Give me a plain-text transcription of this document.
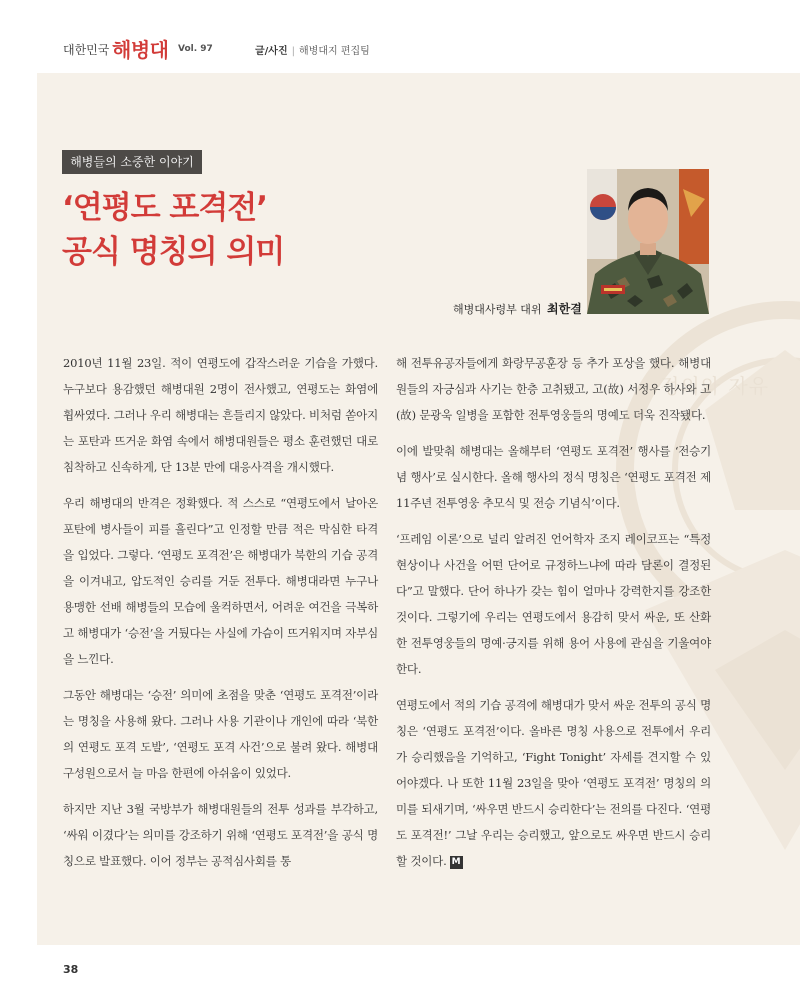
대한민국 해병대 Vol. 97	글/사진 | 해병대지 편집팀
정의와 자유
해병들의 소중한 이야기
‘연평도 포격전’
공식 명칭의 의미
해병대사령부 대위 최한결

2010년 11월 23일. 적이 연평도에 갑작스러운 기습을 가했다. 누구보다 용감했던 해병대원 2명이 전사했고, 연평도는 화염에 휩싸였다. 그러나 우리 해병대는 흔들리지 않았다. 비처럼 쏟아지는 포탄과 뜨거운 화염 속에서 해병대원들은 평소 훈련했던 대로 침착하고 신속하게, 단 13분 만에 대응사격을 개시했다.

우리 해병대의 반격은 정확했다. 적 스스로 “연평도에서 날아온 포탄에 병사들이 피를 흘린다”고 인정할 만큼 적은 막심한 타격을 입었다. 그렇다. ‘연평도 포격전’은 해병대가 북한의 기습 공격을 이겨내고, 압도적인 승리를 거둔 전투다. 해병대라면 누구나 용맹한 선배 해병들의 모습에 울컥하면서, 어려운 여건을 극복하고 해병대가 ‘승전’을 거뒀다는 사실에 가슴이 뜨거워지며 자부심을 느낀다.

그동안 해병대는 ‘승전’ 의미에 초점을 맞춘 ‘연평도 포격전’이라는 명칭을 사용해 왔다. 그러나 사용 기관이나 개인에 따라 ‘북한의 연평도 포격 도발’, ‘연평도 포격 사건’으로 불려 왔다. 해병대 구성원으로서 늘 마음 한편에 아쉬움이 있었다.

하지만 지난 3월 국방부가 해병대원들의 전투 성과를 부각하고, ‘싸워 이겼다’는 의미를 강조하기 위해 ‘연평도 포격전’을 공식 명칭으로 발표했다. 이어 정부는 공적심사회를 통

해 전투유공자들에게 화랑무공훈장 등 추가 포상을 했다. 해병대원들의 자긍심과 사기는 한층 고취됐고, 고(故) 서정우 하사와 고(故) 문광욱 일병을 포함한 전투영웅들의 명예도 더욱 진작됐다.

이에 발맞춰 해병대는 올해부터 ‘연평도 포격전’ 행사를 ‘전승기념 행사’로 실시한다. 올해 행사의 정식 명칭은 ‘연평도 포격전 제11주년 전투영웅 추모식 및 전승 기념식’이다.

‘프레임 이론’으로 널리 알려진 언어학자 조지 레이코프는 “특정 현상이나 사건을 어떤 단어로 규정하느냐에 따라 담론이 결정된다”고 말했다. 단어 하나가 갖는 힘이 얼마나 강력한지를 강조한 것이다. 그렇기에 우리는 연평도에서 용감히 맞서 싸운, 또 산화한 전투영웅들의 명예·긍지를 위해 용어 사용에 관심을 기울여야 한다.

연평도에서 적의 기습 공격에 해병대가 맞서 싸운 전투의 공식 명칭은 ‘연평도 포격전’이다. 올바른 명칭 사용으로 전투에서 우리가 승리했음을 기억하고, ‘Fight Tonight’ 자세를 견지할 수 있어야겠다. 나 또한 11월 23일을 맞아 ‘연평도 포격전’ 명칭의 의미를 되새기며, ‘싸우면 반드시 승리한다’는 전의를 다진다. ‘연평도 포격전!’ 그날 우리는 승리했고, 앞으로도 싸우면 반드시 승리할 것이다. M

38
